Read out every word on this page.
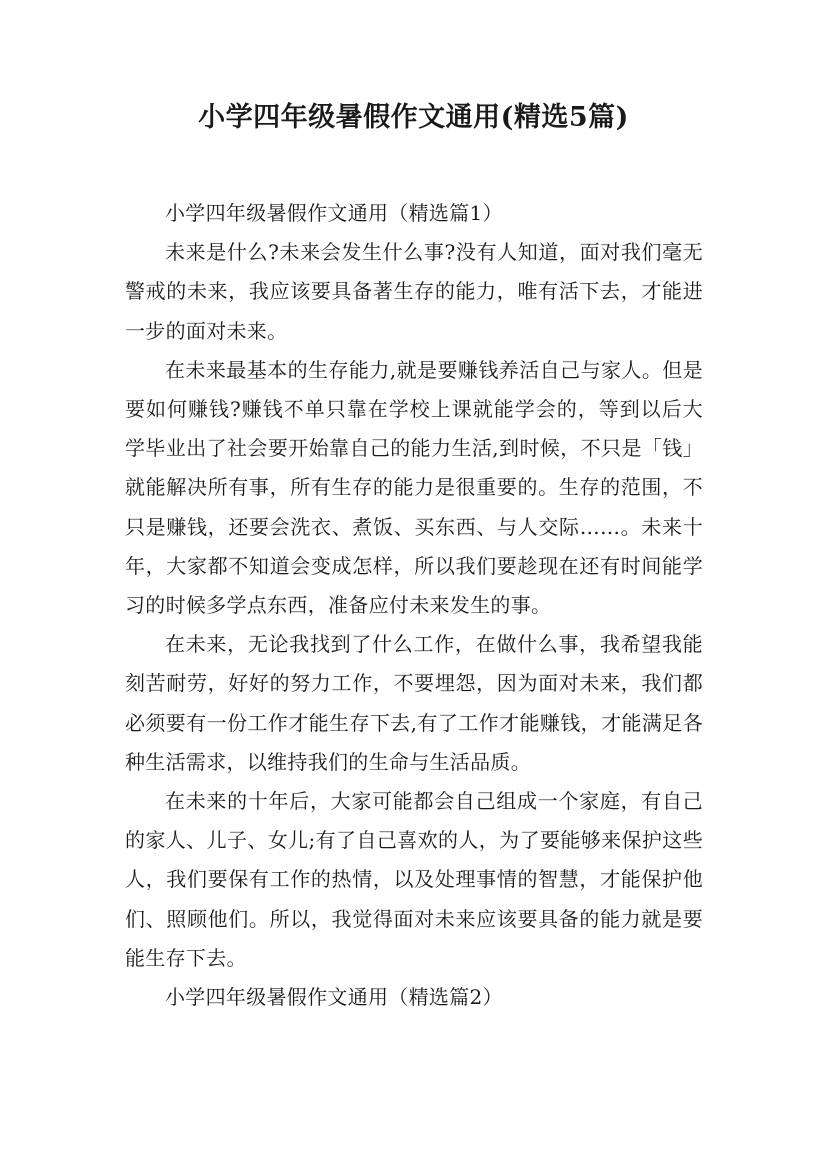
小学四年级暑假作文通用(精选5篇)

小学四年级暑假作文通用（精选篇1）

未来是什么?未来会发生什么事?没有人知道，面对我们毫无警戒的未来，我应该要具备著生存的能力，唯有活下去，才能进一步的面对未来。

在未来最基本的生存能力,就是要赚钱养活自己与家人。但是要如何赚钱?赚钱不单只靠在学校上课就能学会的，等到以后大学毕业出了社会要开始靠自己的能力生活,到时候，不只是「钱」就能解决所有事，所有生存的能力是很重要的。生存的范围，不只是赚钱，还要会洗衣、煮饭、买东西、与人交际……。未来十年，大家都不知道会变成怎样，所以我们要趁现在还有时间能学习的时候多学点东西，准备应付未来发生的事。

在未来，无论我找到了什么工作，在做什么事，我希望我能刻苦耐劳，好好的努力工作，不要埋怨，因为面对未来，我们都必须要有一份工作才能生存下去,有了工作才能赚钱，才能满足各种生活需求，以维持我们的生命与生活品质。

在未来的十年后，大家可能都会自己组成一个家庭，有自己的家人、儿子、女儿;有了自己喜欢的人，为了要能够来保护这些人，我们要保有工作的热情，以及处理事情的智慧，才能保护他们、照顾他们。所以，我觉得面对未来应该要具备的能力就是要能生存下去。

小学四年级暑假作文通用（精选篇2）
